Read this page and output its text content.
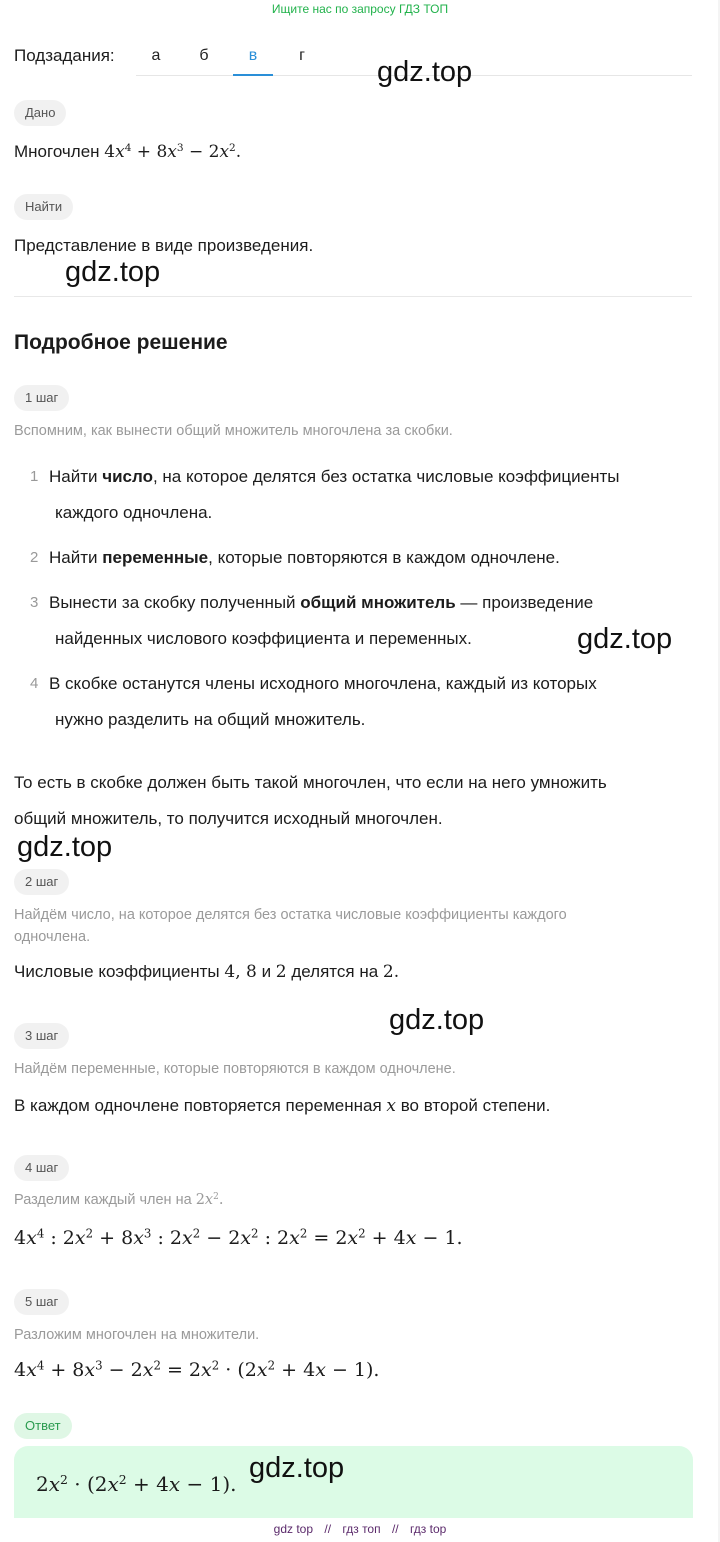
Ищите нас по запросу ГДЗ ТОП
Подзадания:	а	б	в	г
Дано
Многочлен $4x^4 + 8x^3 - 2x^2$.
Найти
Представление в виде произведения.
Подробное решение
1 шаг
Вспомним, как вынести общий множитель многочлена за скобки.
1 Найти число, на которое делятся без остатка числовые коэффициенты
каждого одночлена.
2 Найти переменные, которые повторяются в каждом одночлене.
3 Вынести за скобку полученный общий множитель — произведение
найденных числового коэффициента и переменных.
4 В скобке останутся члены исходного многочлена, каждый из которых
нужно разделить на общий множитель.
То есть в скобке должен быть такой многочлен, что если на него умножить
общий множитель, то получится исходный многочлен.
2 шаг
Найдём число, на которое делятся без остатка числовые коэффициенты каждого
одночлена.
Числовые коэффициенты 4, 8 и 2 делятся на 2.
3 шаг
Найдём переменные, которые повторяются в каждом одночлене.
В каждом одночлене повторяется переменная x во второй степени.
4 шаг
Разделим каждый член на $2x^2$.
$4x^4$ : $2x^2 + 8x^3$ : $2x^2 - 2x^2$ : $2x^2 = 2x^2 + 4x - 1$.
5 шаг
Разложим многочлен на множители.
$4x^4 + 8x^3 - 2x^2 = 2x^2 \cdot (2x^2 + 4x - 1)$.
Ответ
$2x^2 \cdot (2x^2 + 4x - 1)$.
gdz.top
gdz.top
gdz.top
gdz.top
gdz.top
gdz.top
gdz top // гдз топ // гдз top
